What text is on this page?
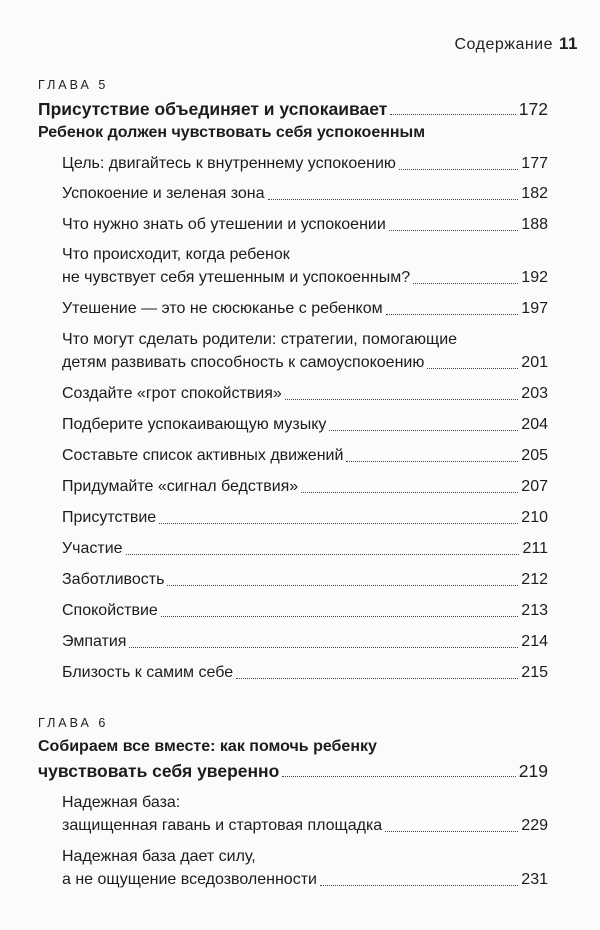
Содержание 11
ГЛАВА 5
Присутствие объединяет и успокаивает	172
Ребенок должен чувствовать себя успокоенным
Цель: двигайтесь к внутреннему успокоению	177
Успокоение и зеленая зона	182
Что нужно знать об утешении и успокоении	188
Что происходит, когда ребенок
не чувствует себя утешенным и успокоенным?	192
Утешение — это не сюсюканье с ребенком	197
Что могут сделать родители: стратегии, помогающие
детям развивать способность к самоуспокоению	201
Создайте «грот спокойствия»	203
Подберите успокаивающую музыку	204
Составьте список активных движений	205
Придумайте «сигнал бедствия»	207
Присутствие	210
Участие	211
Заботливость	212
Спокойствие	213
Эмпатия	214
Близость к самим себе	215
ГЛАВА 6
Собираем все вместе: как помочь ребенку
чувствовать себя уверенно	219
Надежная база:
защищенная гавань и стартовая площадка	229
Надежная база дает силу,
а не ощущение вседозволенности	231
